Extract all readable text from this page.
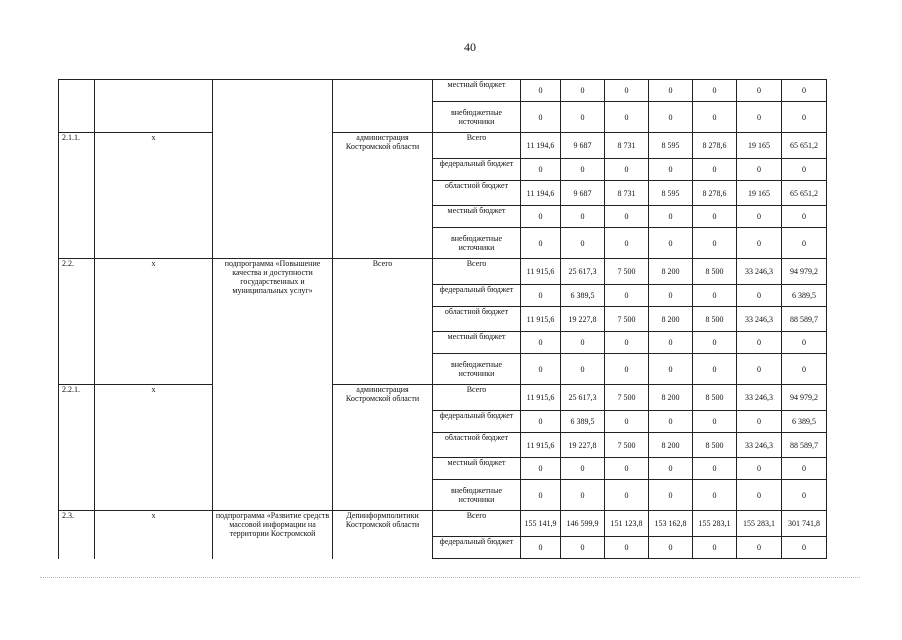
40
				местный бюджет	0	0	0	0	0	0	0
				внебюджетные источники	0	0	0	0	0	0	0
2.1.1.	х		администрация Костромской области	Всего	11 194,6	9 687	8 731	8 595	8 278,6	19 165	65 651,2
				федеральный бюджет	0	0	0	0	0	0	0
				областной бюджет	11 194,6	9 687	8 731	8 595	8 278,6	19 165	65 651,2
				местный бюджет	0	0	0	0	0	0	0
				внебюджетные источники	0	0	0	0	0	0	0
2.2.	х	подпрограмма «Повышение качества и доступности государственных и муниципальных услуг»	Всего	Всего	11 915,6	25 617,3	7 500	8 200	8 500	33 246,3	94 979,2
				федеральный бюджет	0	6 389,5	0	0	0	0	6 389,5
				областной бюджет	11 915,6	19 227,8	7 500	8 200	8 500	33 246,3	88 589,7
				местный бюджет	0	0	0	0	0	0	0
				внебюджетные источники	0	0	0	0	0	0	0
2.2.1.	х		администрация Костромской области	Всего	11 915,6	25 617,3	7 500	8 200	8 500	33 246,3	94 979,2
				федеральный бюджет	0	6 389,5	0	0	0	0	6 389,5
				областной бюджет	11 915,6	19 227,8	7 500	8 200	8 500	33 246,3	88 589,7
				местный бюджет	0	0	0	0	0	0	0
				внебюджетные источники	0	0	0	0	0	0	0
2.3.	х	подпрограмма «Развитие средств массовой информации на территории Костромской	Депинформполитики Костромской области	Всего	155 141,9	146 599,9	151 123,8	153 162,8	155 283,1	155 283,1	301 741,8
				федеральный бюджет	0	0	0	0	0	0	0
